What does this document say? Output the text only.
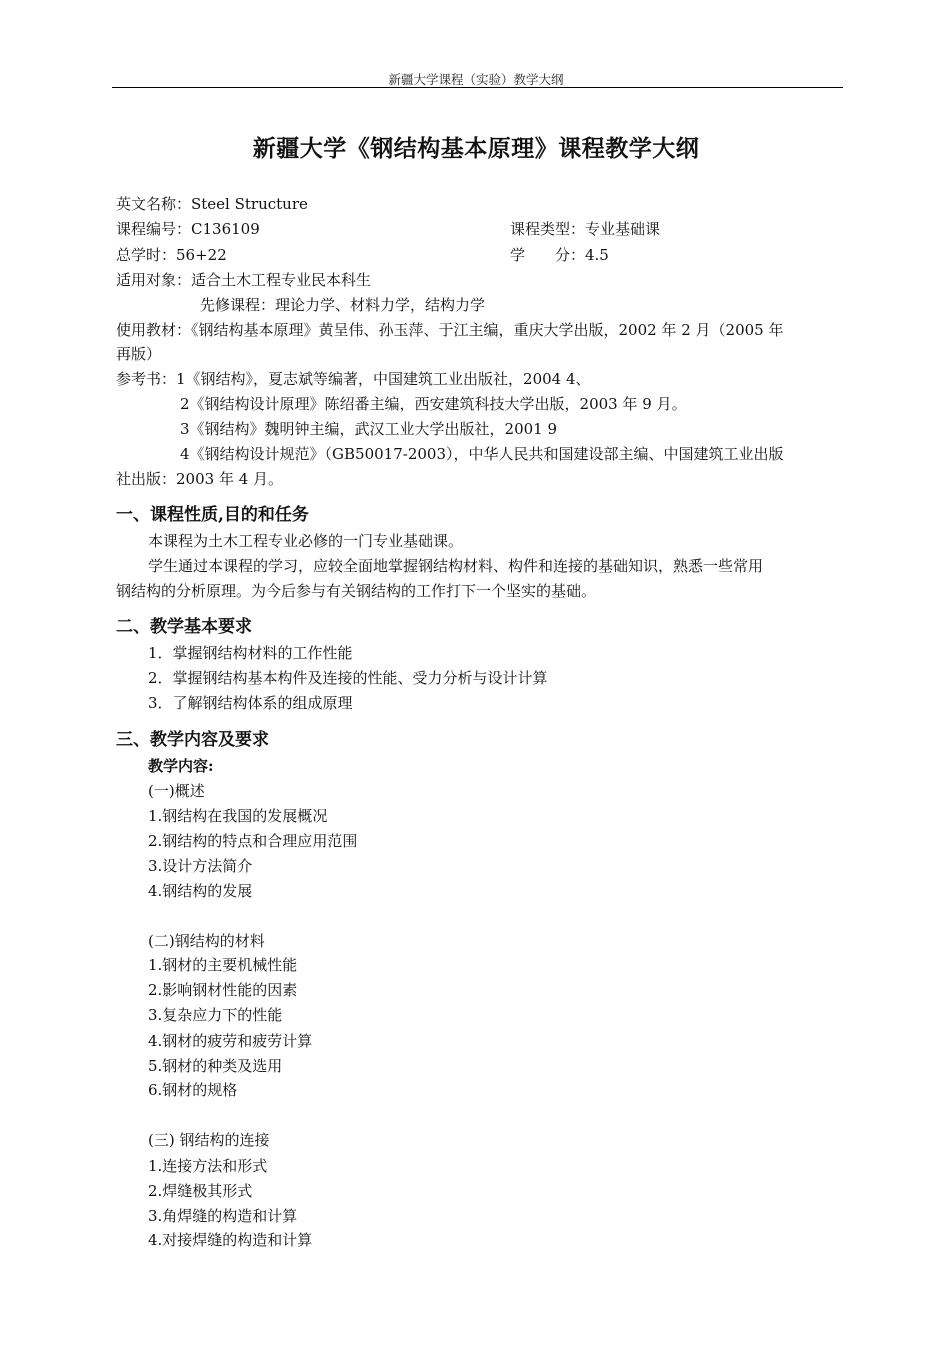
新疆大学课程（实验）教学大纲
新疆大学《钢结构基本原理》课程教学大纲
英文名称：Steel Structure
课程编号：C136109	课程类型：专业基础课
总学时：56+22	学　　分：4.5
适用对象：适合土木工程专业民本科生
先修课程：理论力学、材料力学，结构力学
使用教材：《钢结构基本原理》黄呈伟、孙玉萍、于江主编，重庆大学出版，2002 年 2 月（2005 年
再版）
参考书：1《钢结构》，夏志斌等编著，中国建筑工业出版社，2004 4、
2《钢结构设计原理》陈绍番主编，西安建筑科技大学出版，2003 年 9 月。
3《钢结构》魏明钟主编，武汉工业大学出版社，2001 9
4《钢结构设计规范》（GB50017-2003），中华人民共和国建设部主编、中国建筑工业出版
社出版：2003 年 4 月。
一、课程性质,目的和任务
本课程为土木工程专业必修的一门专业基础课。
学生通过本课程的学习，应较全面地掌握钢结构材料、构件和连接的基础知识，熟悉一些常用
钢结构的分析原理。为今后参与有关钢结构的工作打下一个坚实的基础。
二、教学基本要求
1．掌握钢结构材料的工作性能
2．掌握钢结构基本构件及连接的性能、受力分析与设计计算
3．了解钢结构体系的组成原理
三、教学内容及要求
教学内容:
(一)概述
1.钢结构在我国的发展概况
2.钢结构的特点和合理应用范围
3.设计方法简介
4.钢结构的发展
(二)钢结构的材料
1.钢材的主要机械性能
2.影响钢材性能的因素
3.复杂应力下的性能
4.钢材的疲劳和疲劳计算
5.钢材的种类及选用
6.钢材的规格
(三) 钢结构的连接
1.连接方法和形式
2.焊缝极其形式
3.角焊缝的构造和计算
4.对接焊缝的构造和计算
